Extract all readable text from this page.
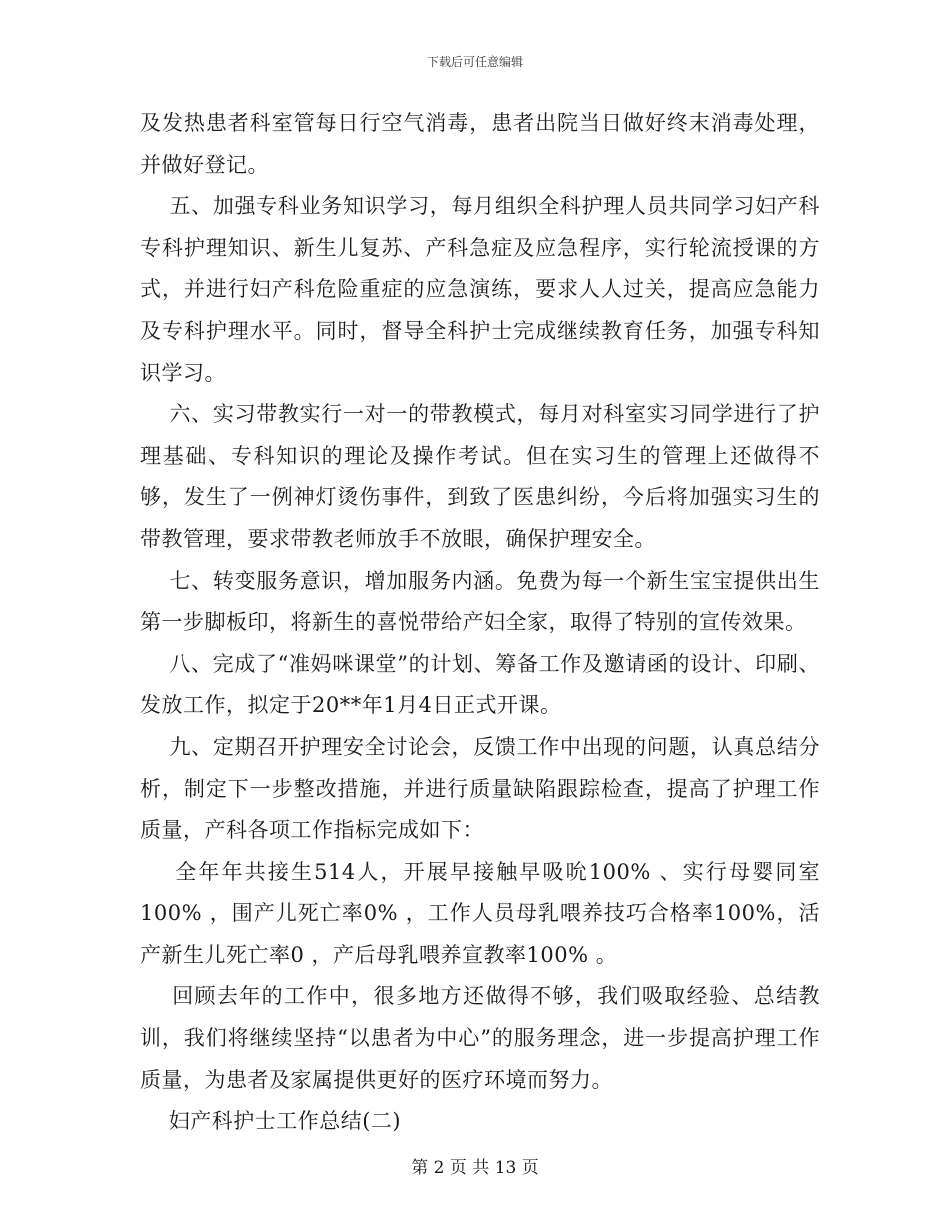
下载后可任意编辑

及发热患者科室管每日行空气消毒，患者出院当日做好终末消毒处理，并做好登记。

五、加强专科业务知识学习，每月组织全科护理人员共同学习妇产科专科护理知识、新生儿复苏、产科急症及应急程序，实行轮流授课的方式，并进行妇产科危险重症的应急演练，要求人人过关，提高应急能力及专科护理水平。同时，督导全科护士完成继续教育任务，加强专科知识学习。

六、实习带教实行一对一的带教模式，每月对科室实习同学进行了护理基础、专科知识的理论及操作考试。但在实习生的管理上还做得不够，发生了一例神灯烫伤事件，到致了医患纠纷，今后将加强实习生的带教管理，要求带教老师放手不放眼，确保护理安全。

七、转变服务意识，增加服务内涵。免费为每一个新生宝宝提供出生第一步脚板印，将新生的喜悦带给产妇全家，取得了特别的宣传效果。

八、完成了“准妈咪课堂”的计划、筹备工作及邀请函的设计、印刷、发放工作，拟定于20**年1月4日正式开课。

九、定期召开护理安全讨论会，反馈工作中出现的问题，认真总结分析，制定下一步整改措施，并进行质量缺陷跟踪检查，提高了护理工作质量，产科各项工作指标完成如下：

全年年共接生514人，开展早接触早吸吮100% 、实行母婴同室100% ，围产儿死亡率0% ，工作人员母乳喂养技巧合格率100%，活产新生儿死亡率0 ，产后母乳喂养宣教率100% 。

回顾去年的工作中，很多地方还做得不够，我们吸取经验、总结教训，我们将继续坚持“以患者为中心”的服务理念，进一步提高护理工作质量，为患者及家属提供更好的医疗环境而努力。

妇产科护士工作总结(二)

第 2 页 共 13 页
